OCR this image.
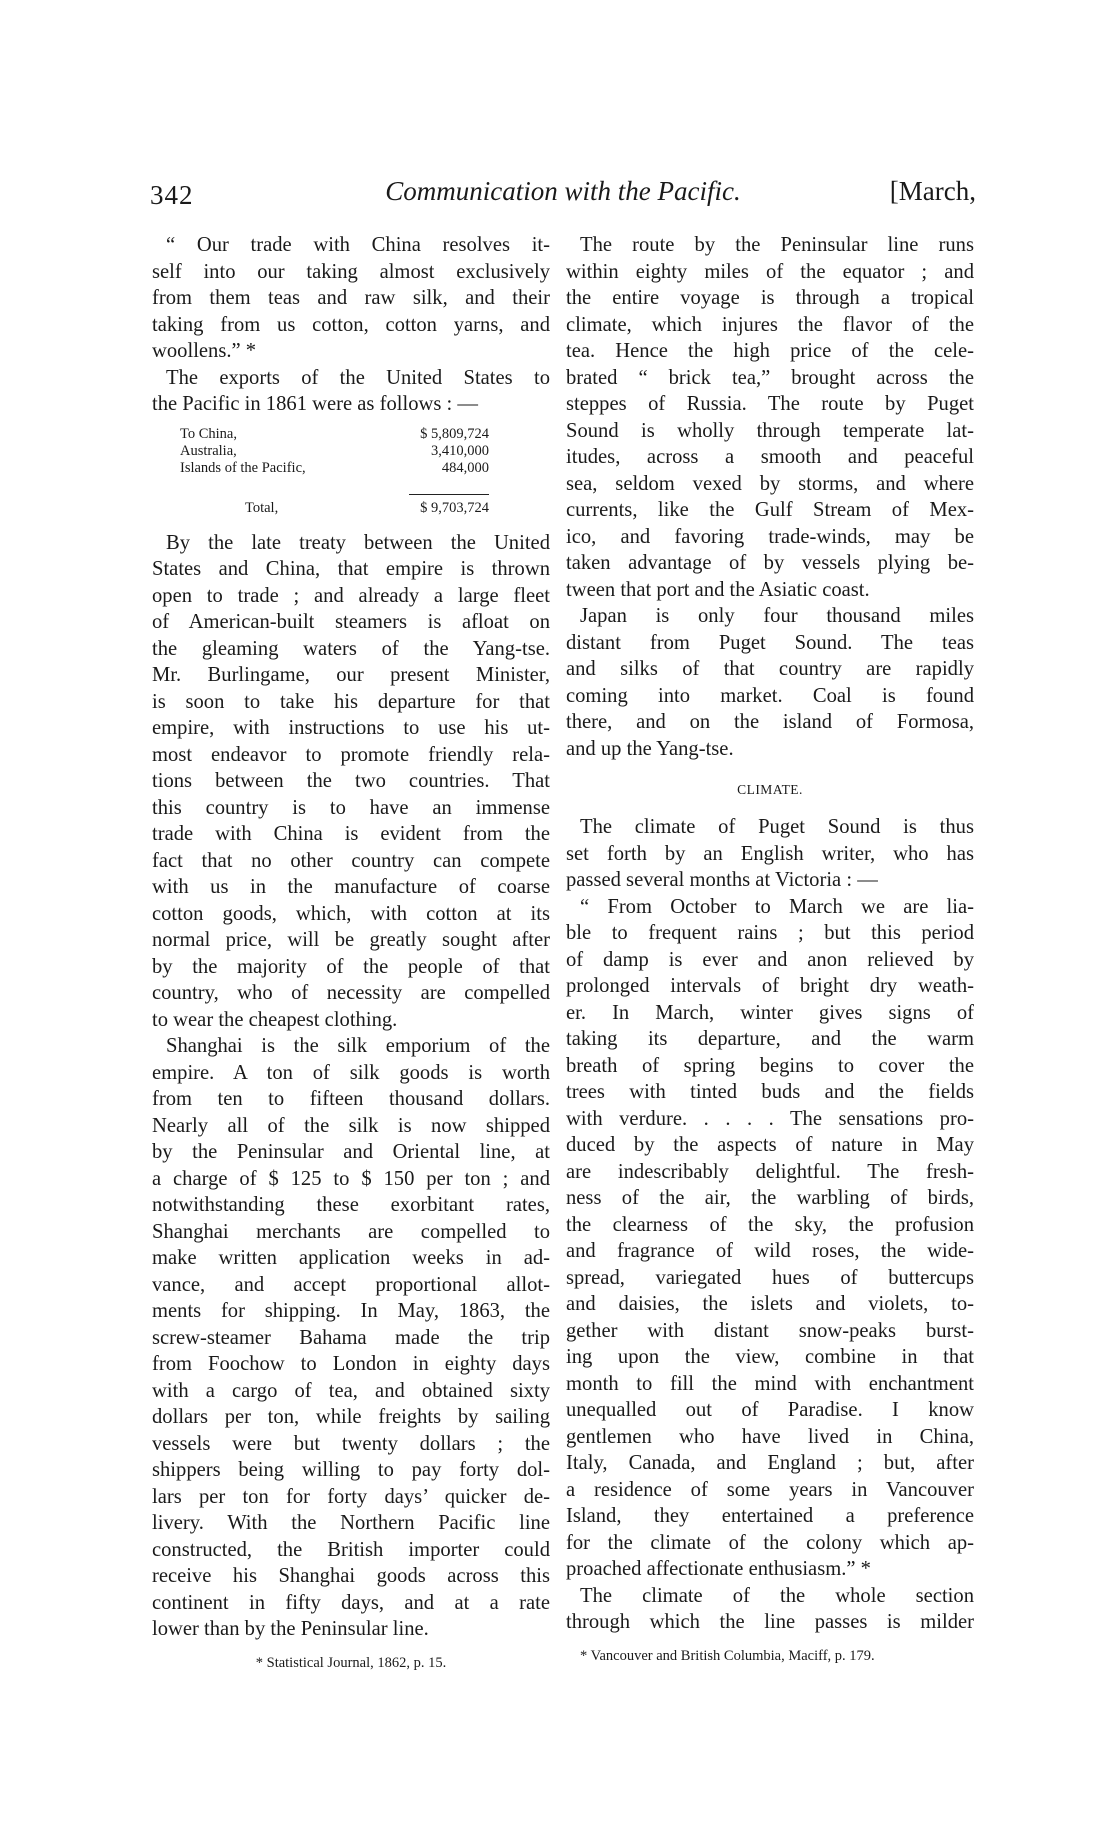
342	Communication with the Pacific.	[March,

“ Our trade with China resolves it-
self into our taking almost exclusively
from them teas and raw silk, and their
taking from us cotton, cotton yarns, and
woollens.” *

The exports of the United States to
the Pacific in 1861 were as follows : —

To China,	$ 5,809,724
Australia,	3,410,000
Islands of the Pacific,	484,000
Total,	$ 9,703,724

By the late treaty between the United
States and China, that empire is thrown
open to trade ; and already a large fleet
of American-built steamers is afloat on
the gleaming waters of the Yang-tse.
Mr. Burlingame, our present Minister,
is soon to take his departure for that
empire, with instructions to use his ut-
most endeavor to promote friendly rela-
tions between the two countries. That
this country is to have an immense
trade with China is evident from the
fact that no other country can compete
with us in the manufacture of coarse
cotton goods, which, with cotton at its
normal price, will be greatly sought after
by the majority of the people of that
country, who of necessity are compelled
to wear the cheapest clothing.

Shanghai is the silk emporium of the
empire. A ton of silk goods is worth
from ten to fifteen thousand dollars.
Nearly all of the silk is now shipped
by the Peninsular and Oriental line, at
a charge of $ 125 to $ 150 per ton ; and
notwithstanding these exorbitant rates,
Shanghai merchants are compelled to
make written application weeks in ad-
vance, and accept proportional allot-
ments for shipping. In May, 1863, the
screw-steamer Bahama made the trip
from Foochow to London in eighty days
with a cargo of tea, and obtained sixty
dollars per ton, while freights by sailing
vessels were but twenty dollars ; the
shippers being willing to pay forty dol-
lars per ton for forty days’ quicker de-
livery. With the Northern Pacific line
constructed, the British importer could
receive his Shanghai goods across this
continent in fifty days, and at a rate
lower than by the Peninsular line.

* Statistical Journal, 1862, p. 15.

The route by the Peninsular line runs
within eighty miles of the equator ; and
the entire voyage is through a tropical
climate, which injures the flavor of the
tea. Hence the high price of the cele-
brated “ brick tea,” brought across the
steppes of Russia. The route by Puget
Sound is wholly through temperate lat-
itudes, across a smooth and peaceful
sea, seldom vexed by storms, and where
currents, like the Gulf Stream of Mex-
ico, and favoring trade-winds, may be
taken advantage of by vessels plying be-
tween that port and the Asiatic coast.

Japan is only four thousand miles
distant from Puget Sound. The teas
and silks of that country are rapidly
coming into market. Coal is found
there, and on the island of Formosa,
and up the Yang-tse.

CLIMATE.

The climate of Puget Sound is thus
set forth by an English writer, who has
passed several months at Victoria : —

“ From October to March we are lia-
ble to frequent rains ; but this period
of damp is ever and anon relieved by
prolonged intervals of bright dry weath-
er. In March, winter gives signs of
taking its departure, and the warm
breath of spring begins to cover the
trees with tinted buds and the fields
with verdure. . . . . The sensations pro-
duced by the aspects of nature in May
are indescribably delightful. The fresh-
ness of the air, the warbling of birds,
the clearness of the sky, the profusion
and fragrance of wild roses, the wide-
spread, variegated hues of buttercups
and daisies, the islets and violets, to-
gether with distant snow-peaks burst-
ing upon the view, combine in that
month to fill the mind with enchantment
unequalled out of Paradise. I know
gentlemen who have lived in China,
Italy, Canada, and England ; but, after
a residence of some years in Vancouver
Island, they entertained a preference
for the climate of the colony which ap-
proached affectionate enthusiasm.” *

The climate of the whole section
through which the line passes is milder

* Vancouver and British Columbia, Maciff, p. 179.
